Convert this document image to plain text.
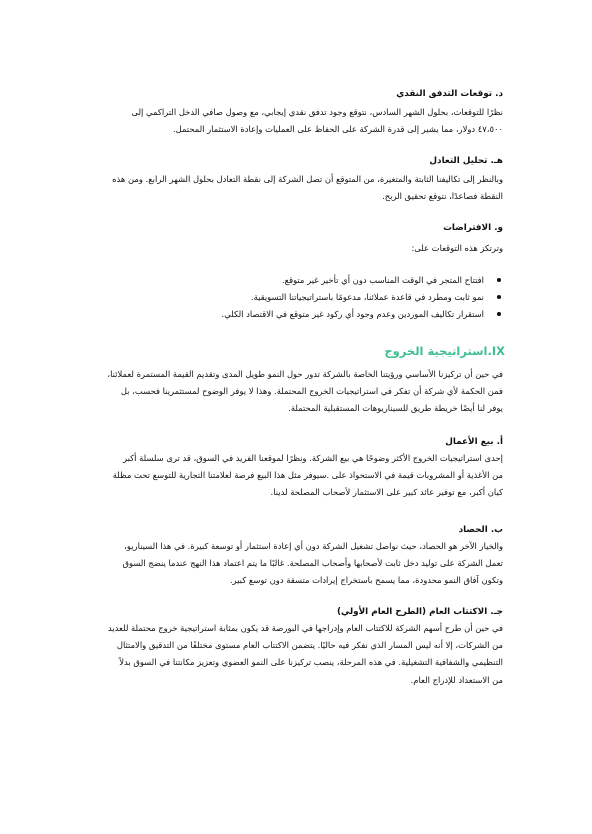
د. توقعات التدفق النقدي

نظرًا للتوقعات، بحلول الشهر السادس، نتوقع وجود تدفق نقدي إيجابي، مع وصول صافي الدخل التراكمي إلى
٤٧،٥٠٠ دولار، مما يشير إلى قدرة الشركة على الحفاظ على العمليات وإعادة الاستثمار المحتمل.

هـ. تحليل التعادل

وبالنظر إلى تكاليفنا الثابتة والمتغيرة، من المتوقع أن تصل الشركة إلى نقطة التعادل بحلول الشهر الرابع. ومن هذه
النقطة فصاعدًا، نتوقع تحقيق الربح.

و. الافتراضات

وترتكز هذه التوقعات على:

افتتاح المتجر في الوقت المناسب دون أي تأخير غير متوقع.
نمو ثابت ومطرد في قاعدة عملائنا، مدعومًا باستراتيجياتنا التسويقية.
استقرار تكاليف الموردين وعدم وجود أي ركود غير متوقع في الاقتصاد الكلي.

IX.استراتيجية الخروج

في حين أن تركيزنا الأساسي ورؤيتنا الخاصة بالشركة تدور حول النمو طويل المدى وتقديم القيمة المستمرة لعملائنا،
فمن الحكمة لأي شركة أن تفكر في استراتيجيات الخروج المحتملة. وهذا لا يوفر الوضوح لمستثمرينا فحسب، بل
يوفر لنا أيضًا خريطة طريق للسيناريوهات المستقبلية المحتملة.

أ. بيع الأعمال

إحدى استراتيجيات الخروج الأكثر وضوحًا هي بيع الشركة. ونظرًا لموقعنا الفريد في السوق، قد ترى سلسلة أكبر
من الأغذية أو المشروبات قيمة في الاستحواذ على .سيوفر مثل هذا البيع فرصة لعلامتنا التجارية للتوسع تحت مظلة
كيان أكبر، مع توفير عائد كبير على الاستثمار لأصحاب المصلحة لدينا.

ب. الحصاد

والخيار الآخر هو الحصاد، حيث نواصل تشغيل الشركة دون أي إعادة استثمار أو توسعة كبيرة. في هذا السيناريو،
تعمل الشركة على توليد دخل ثابت لأصحابها وأصحاب المصلحة. غالبًا ما يتم اعتماد هذا النهج عندما ينضج السوق
وتكون آفاق النمو محدودة، مما يسمح باستخراج إيرادات متسقة دون توسع كبير.

جـ. الاكتتاب العام (الطرح العام الأولي)

في حين أن طرح أسهم الشركة للاكتتاب العام وإدراجها في البورصة قد يكون بمثابة استراتيجية خروج محتملة للعديد
من الشركات، إلا أنه ليس المسار الذي نفكر فيه حاليًا. يتضمن الاكتتاب العام مستوى مختلفًا من التدقيق والامتثال
التنظيمي والشفافية التشغيلية. في هذه المرحلة، ينصب تركيزنا على النمو العضوي وتعزيز مكانتنا في السوق بدلاً
من الاستعداد للإدراج العام.
